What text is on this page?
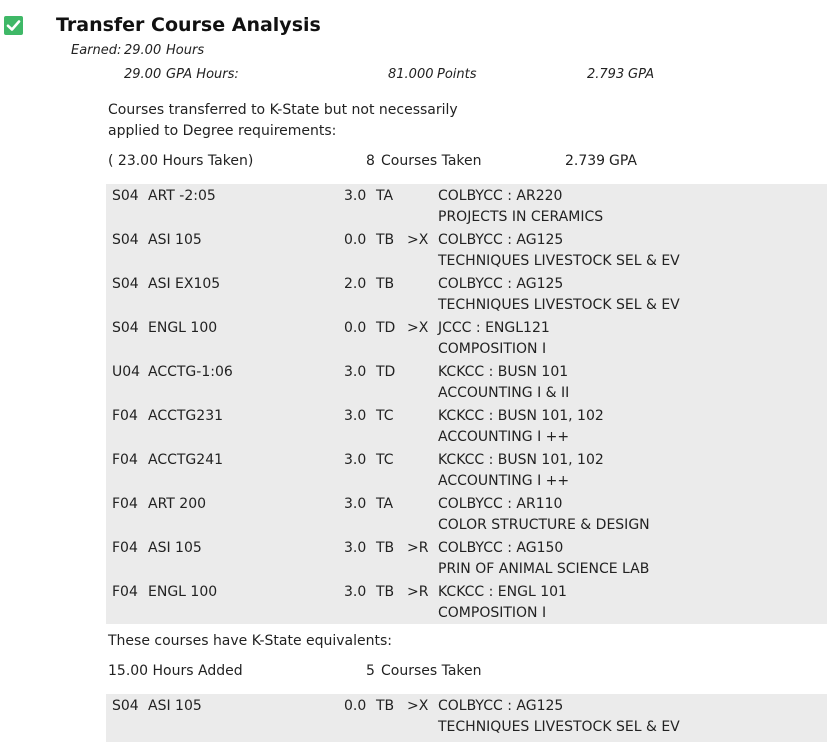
Transfer Course Analysis
Earned: 29.00 Hours
29.00 GPA Hours:	81.000 Points	2.793 GPA
Courses transferred to K-State but not necessarily
applied to Degree requirements:
( 23.00 Hours Taken)	8 Courses Taken	2.739 GPA
S04 ART -2:05	3.0 TA	COLBYCC : AR220
PROJECTS IN CERAMICS
S04 ASI 105	0.0 TB >X COLBYCC : AG125
TECHNIQUES LIVESTOCK SEL & EV
S04 ASI EX105	2.0 TB	COLBYCC : AG125
TECHNIQUES LIVESTOCK SEL & EV
S04 ENGL 100	0.0 TD >X JCCC : ENGL121
COMPOSITION I
U04 ACCTG-1:06	3.0 TD	KCKCC : BUSN 101
ACCOUNTING I & II
F04 ACCTG231	3.0 TC	KCKCC : BUSN 101, 102
ACCOUNTING I ++
F04 ACCTG241	3.0 TC	KCKCC : BUSN 101, 102
ACCOUNTING I ++
F04 ART 200	3.0 TA	COLBYCC : AR110
COLOR STRUCTURE & DESIGN
F04 ASI 105	3.0 TB >R COLBYCC : AG150
PRIN OF ANIMAL SCIENCE LAB
F04 ENGL 100	3.0 TB >R KCKCC : ENGL 101
COMPOSITION I
These courses have K-State equivalents:
15.00 Hours Added	5 Courses Taken
S04 ASI 105	0.0 TB >X COLBYCC : AG125
TECHNIQUES LIVESTOCK SEL & EV
